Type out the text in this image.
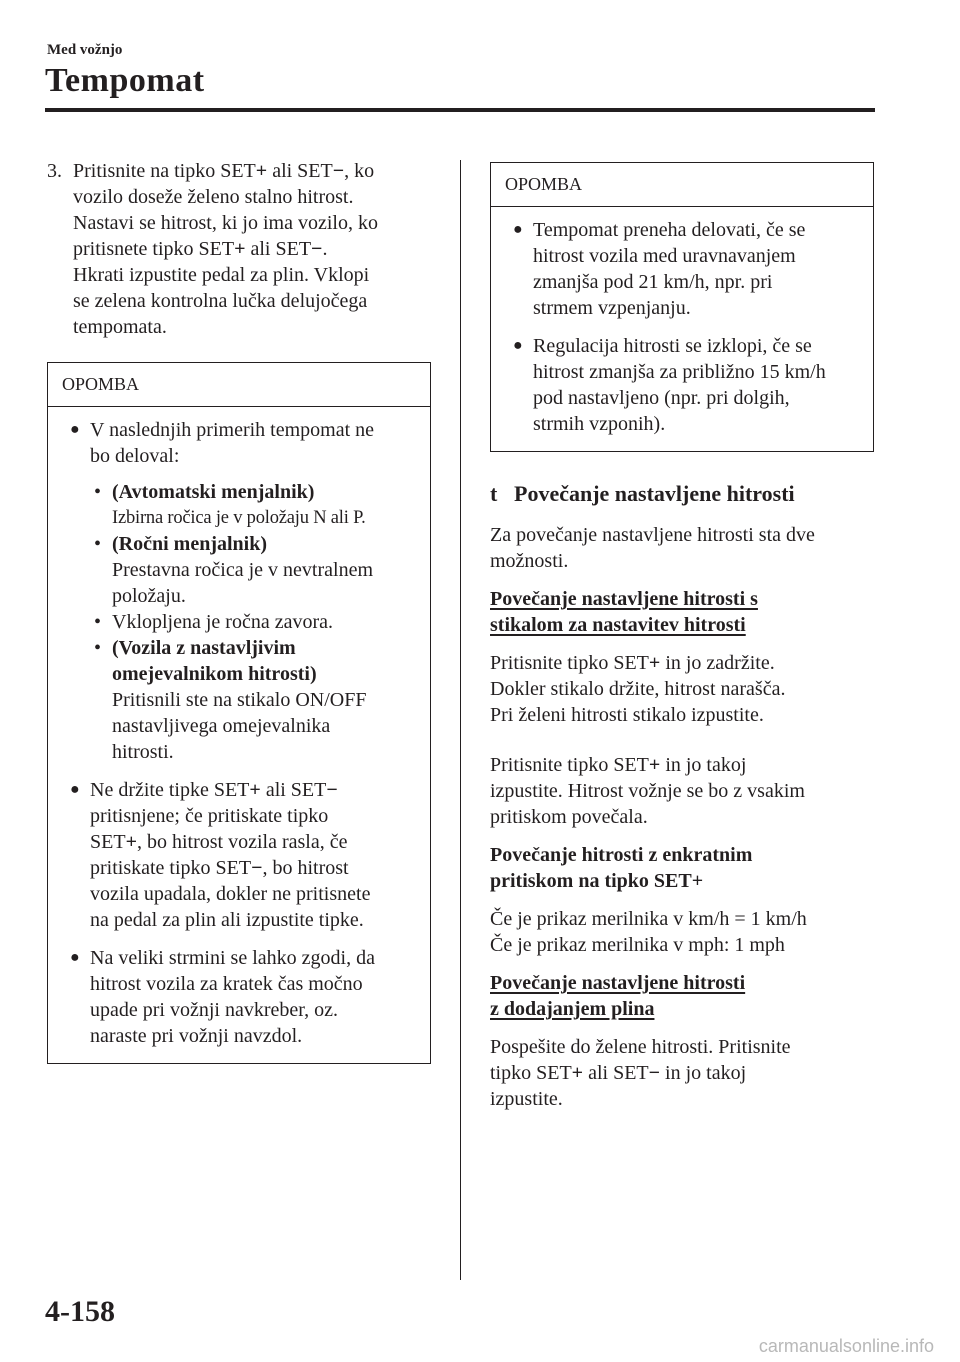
Med vožnjo
Tempomat
3. Pritisnite na tipko SET+ ali SET−, ko
vozilo doseže želeno stalno hitrost.
Nastavi se hitrost, ki jo ima vozilo, ko
pritisnete tipko SET+ ali SET−.
Hkrati izpustite pedal za plin. Vklopi
se zelena kontrolna lučka delujočega
tempomata.
OPOMBA
● V naslednjih primerih tempomat ne
bo deloval:
• (Avtomatski menjalnik)
Izbirna ročica je v položaju N ali P.
• (Ročni menjalnik)
Prestavna ročica je v nevtralnem
položaju.
• Vklopljena je ročna zavora.
• (Vozila z nastavljivim
omejevalnikom hitrosti)
Pritisnili ste na stikalo ON/OFF
nastavljivega omejevalnika
hitrosti.
● Ne držite tipke SET+ ali SET−
pritisnjene; če pritiskate tipko
SET+, bo hitrost vozila rasla, če
pritiskate tipko SET−, bo hitrost
vozila upadala, dokler ne pritisnete
na pedal za plin ali izpustite tipke.
● Na veliki strmini se lahko zgodi, da
hitrost vozila za kratek čas močno
upade pri vožnji navkreber, oz.
naraste pri vožnji navzdol.
OPOMBA
● Tempomat preneha delovati, če se
hitrost vozila med uravnavanjem
zmanjša pod 21 km/h, npr. pri
strmem vzpenjanju.
● Regulacija hitrosti se izklopi, če se
hitrost zmanjša za približno 15 km/h
pod nastavljeno (npr. pri dolgih,
strmih vzponih).
t Povečanje nastavljene hitrosti
Za povečanje nastavljene hitrosti sta dve
možnosti.
Povečanje nastavljene hitrosti s
stikalom za nastavitev hitrosti
Pritisnite tipko SET+ in jo zadržite.
Dokler stikalo držite, hitrost narašča.
Pri želeni hitrosti stikalo izpustite.
Pritisnite tipko SET+ in jo takoj
izpustite. Hitrost vožnje se bo z vsakim
pritiskom povečala.
Povečanje hitrosti z enkratnim
pritiskom na tipko SET+
Če je prikaz merilnika v km/h = 1 km/h
Če je prikaz merilnika v mph: 1 mph
Povečanje nastavljene hitrosti
z dodajanjem plina
Pospešite do želene hitrosti. Pritisnite
tipko SET+ ali SET− in jo takoj
izpustite.
4-158
carmanualsonline.info
